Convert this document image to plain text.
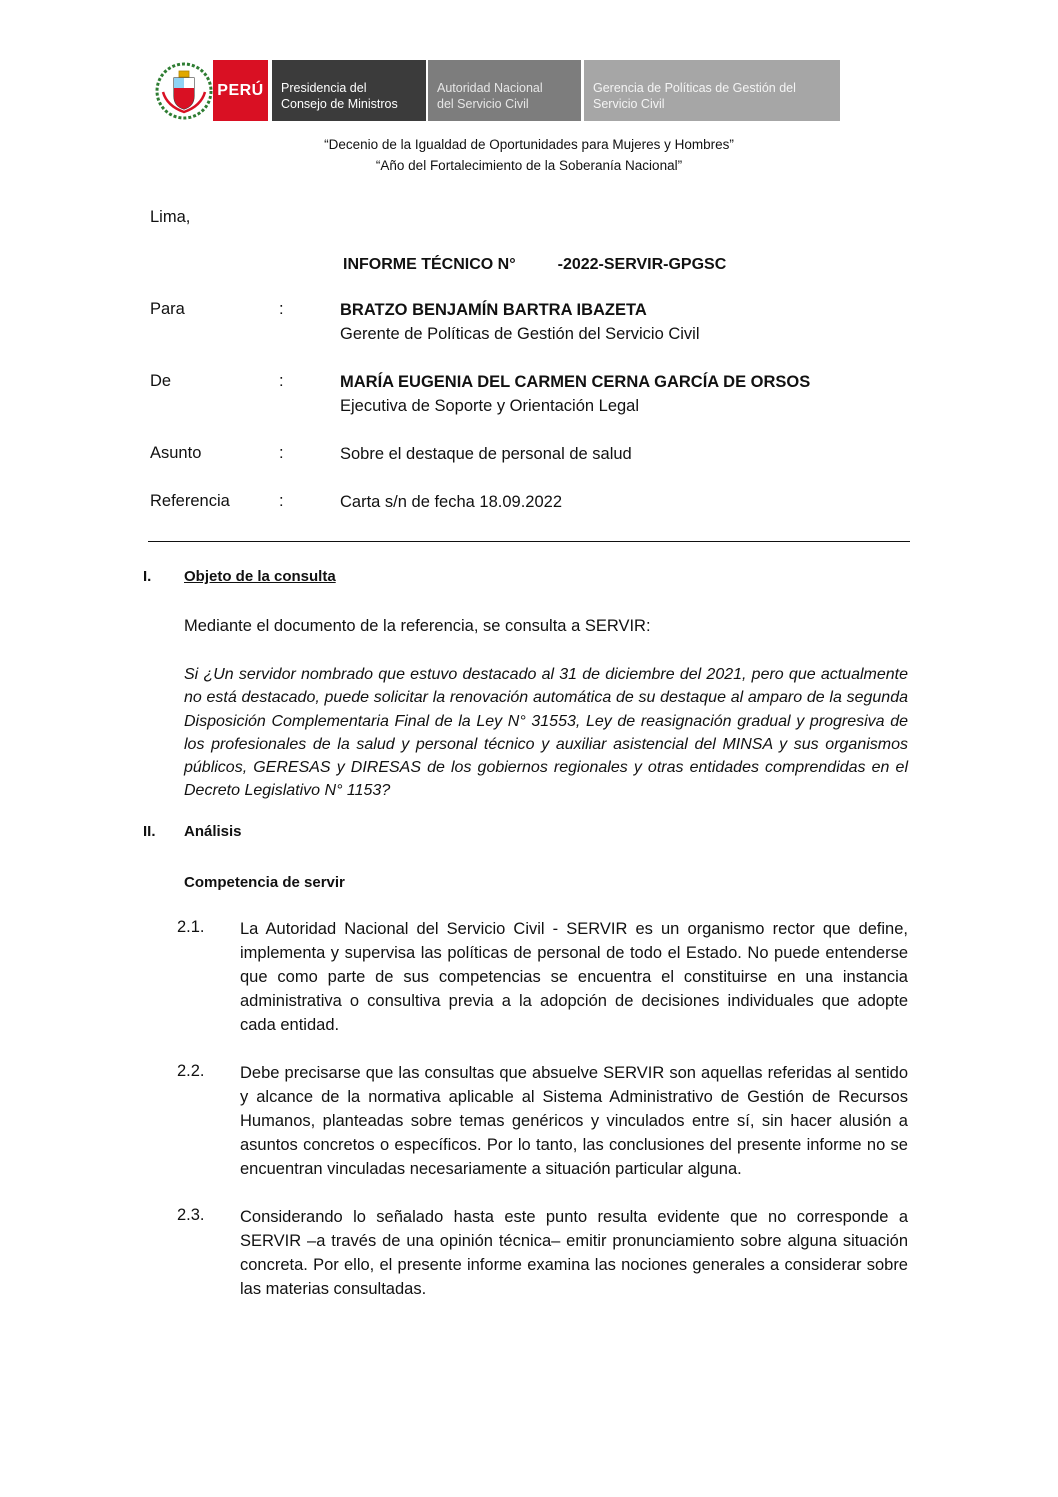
PERÚ	Presidencia del
Consejo de Ministros
Autoridad Nacional
del Servicio Civil
Gerencia de Políticas de Gestión del
Servicio Civil
“Decenio de la Igualdad de Oportunidades para Mujeres y Hombres”
“Año del Fortalecimiento de la Soberanía Nacional”
Lima,
INFORME TÉCNICO N°	-2022-SERVIR-GPGSC
Para	:	BRATZO BENJAMÍN BARTRA IBAZETA
Gerente de Políticas de Gestión del Servicio Civil
De	:	MARÍA EUGENIA DEL CARMEN CERNA GARCÍA DE ORSOS
Ejecutiva de Soporte y Orientación Legal
Asunto	:	Sobre el destaque de personal de salud
Referencia	:	Carta s/n de fecha 18.09.2022
I. Objeto de la consulta
Mediante el documento de la referencia, se consulta a SERVIR:
Si ¿Un servidor nombrado que estuvo destacado al 31 de diciembre del 2021, pero que actualmente no está destacado, puede solicitar la renovación automática de su destaque al amparo de la segunda Disposición Complementaria Final de la Ley N° 31553, Ley de reasignación gradual y progresiva de los profesionales de la salud y personal técnico y auxiliar asistencial del MINSA y sus organismos públicos, GERESAS y DIRESAS de los gobiernos regionales y otras entidades comprendidas en el Decreto Legislativo N° 1153?
II. Análisis
Competencia de servir
2.1. La Autoridad Nacional del Servicio Civil - SERVIR es un organismo rector que define, implementa y supervisa las políticas de personal de todo el Estado. No puede entenderse que como parte de sus competencias se encuentra el constituirse en una instancia administrativa o consultiva previa a la adopción de decisiones individuales que adopte cada entidad.
2.2. Debe precisarse que las consultas que absuelve SERVIR son aquellas referidas al sentido y alcance de la normativa aplicable al Sistema Administrativo de Gestión de Recursos Humanos, planteadas sobre temas genéricos y vinculados entre sí, sin hacer alusión a asuntos concretos o específicos. Por lo tanto, las conclusiones del presente informe no se encuentran vinculadas necesariamente a situación particular alguna.
2.3. Considerando lo señalado hasta este punto resulta evidente que no corresponde a SERVIR –a través de una opinión técnica– emitir pronunciamiento sobre alguna situación concreta. Por ello, el presente informe examina las nociones generales a considerar sobre las materias consultadas.
